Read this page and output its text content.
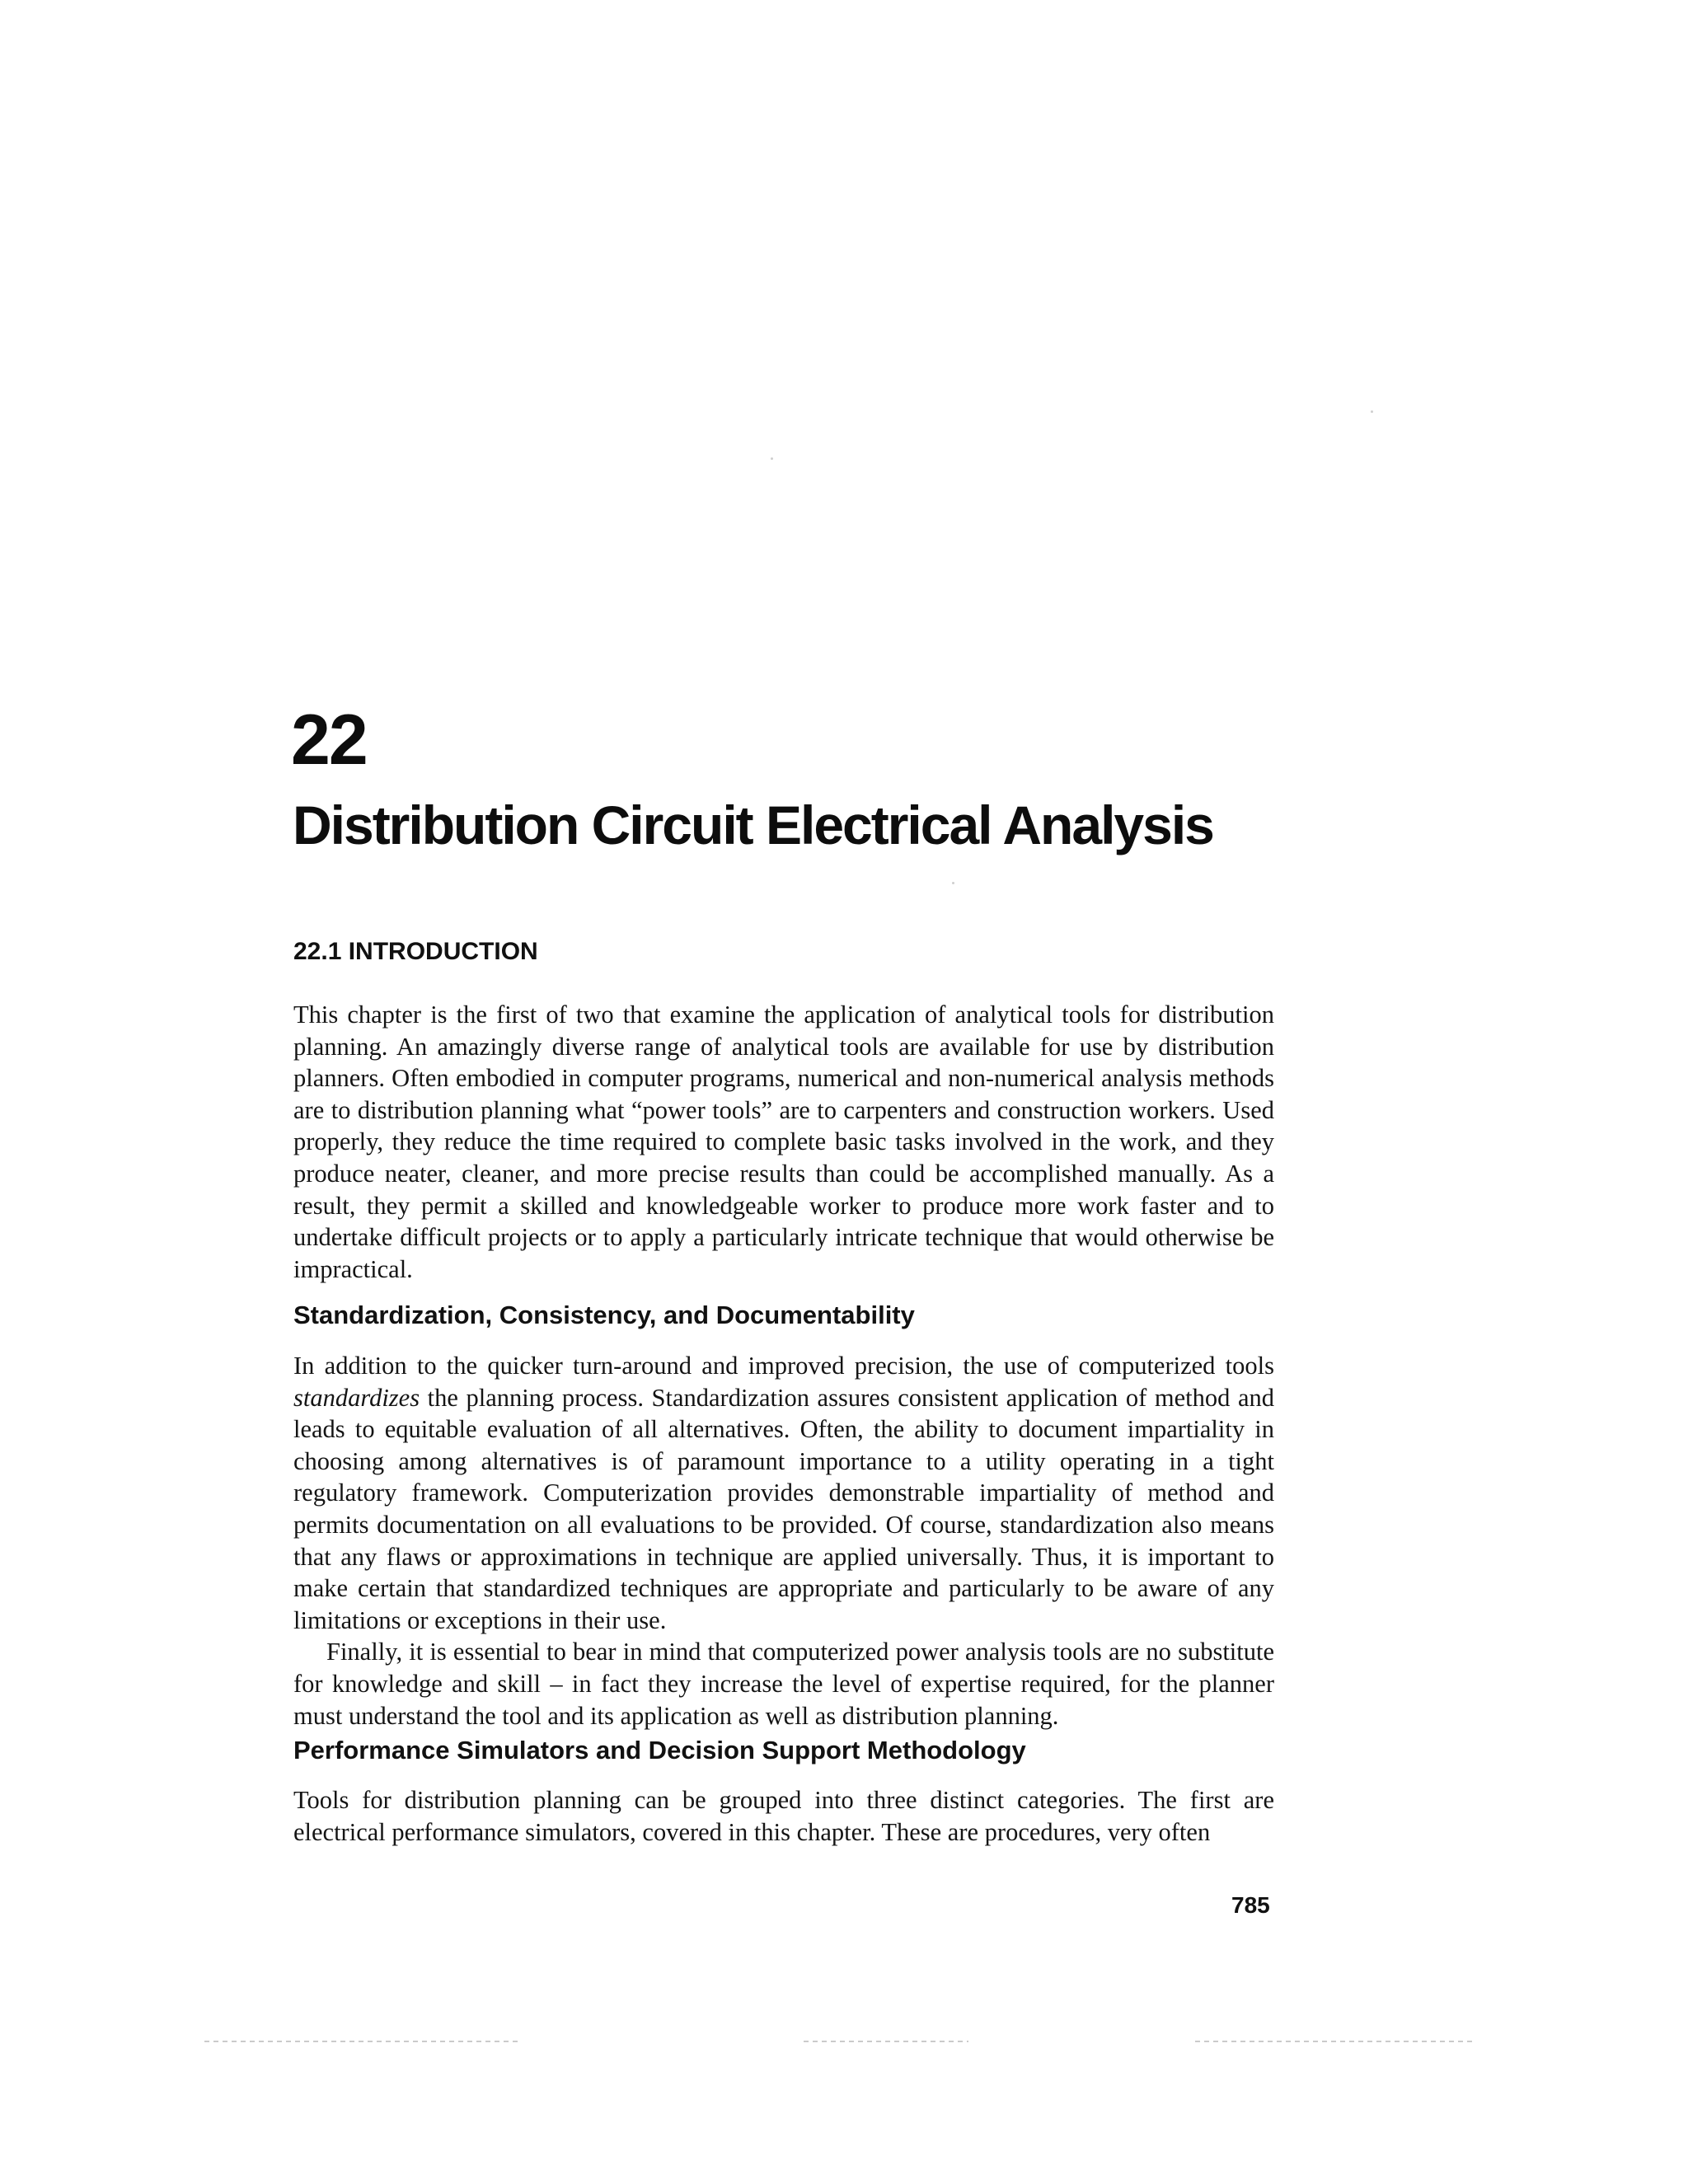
22
Distribution Circuit Electrical Analysis
22.1 INTRODUCTION

This chapter is the first of two that examine the application of analytical tools for distribution planning. An amazingly diverse range of analytical tools are available for use by distribution planners. Often embodied in computer programs, numerical and non-numerical analysis methods are to distribution planning what “power tools” are to carpenters and construction workers. Used properly, they reduce the time required to complete basic tasks involved in the work, and they produce neater, cleaner, and more precise results than could be accomplished manually. As a result, they permit a skilled and knowledgeable worker to produce more work faster and to undertake difficult projects or to apply a particularly intricate technique that would otherwise be impractical.

Standardization, Consistency, and Documentability

In addition to the quicker turn-around and improved precision, the use of computerized tools standardizes the planning process. Standardization assures consistent application of method and leads to equitable evaluation of all alternatives. Often, the ability to document impartiality in choosing among alternatives is of paramount importance to a utility operating in a tight regulatory framework. Computerization provides demonstrable impartiality of method and permits documentation on all evaluations to be provided. Of course, standardization also means that any flaws or approximations in technique are applied universally. Thus, it is important to make certain that standardized techniques are appropriate and particularly to be aware of any limitations or exceptions in their use.

Finally, it is essential to bear in mind that computerized power analysis tools are no substitute for knowledge and skill – in fact they increase the level of expertise required, for the planner must understand the tool and its application as well as distribution planning.

Performance Simulators and Decision Support Methodology

Tools for distribution planning can be grouped into three distinct categories. The first are electrical performance simulators, covered in this chapter. These are procedures, very often

785
